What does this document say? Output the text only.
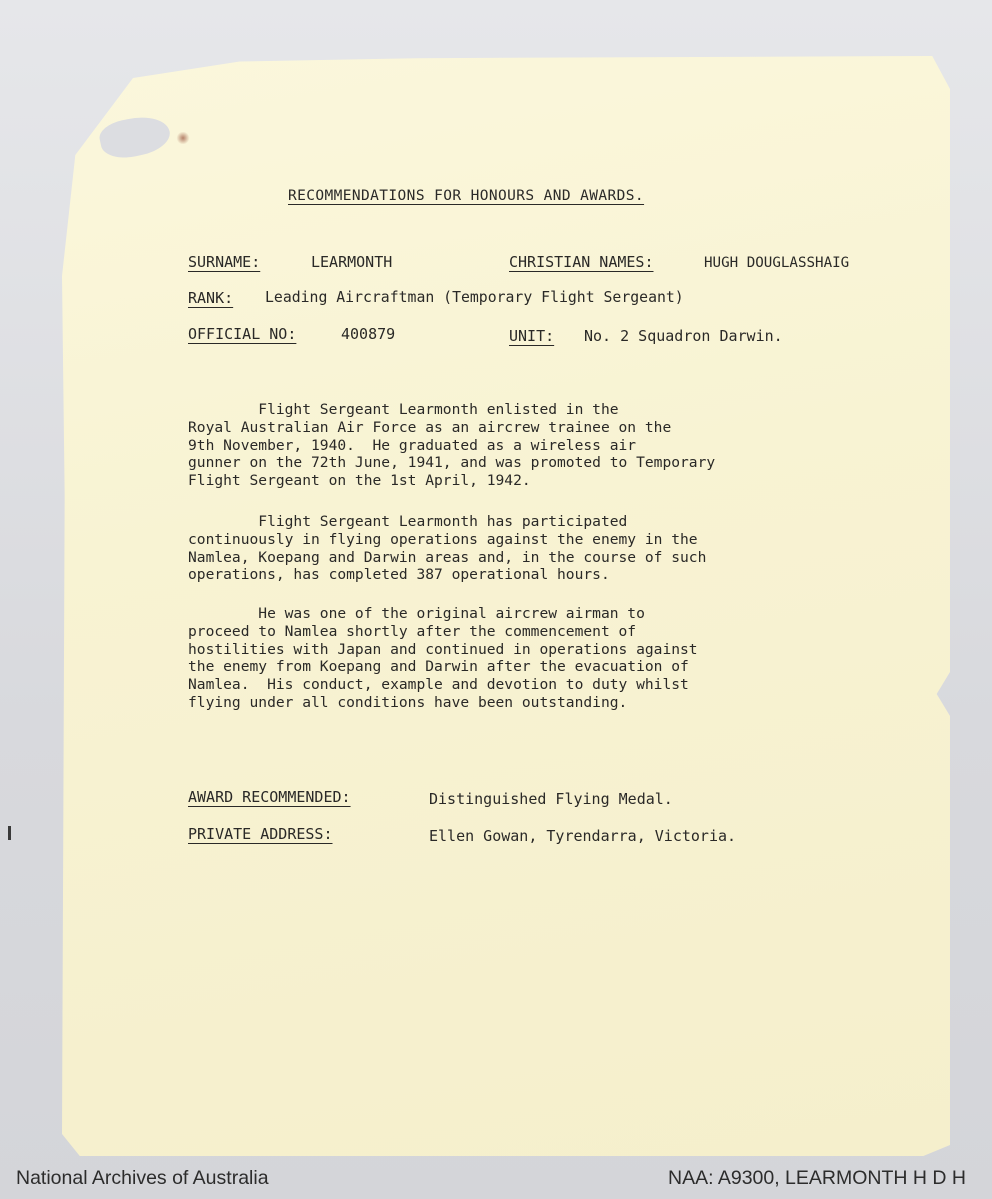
RECOMMENDATIONS FOR HONOURS AND AWARDS.
SURNAME:	LEARMONTH	CHRISTIAN NAMES:	HUGH DOUGLASSHAIG
RANK: Leading Aircraftman (Temporary Flight Sergeant)
OFFICIAL NO:	400879	UNIT: No. 2 Squadron Darwin.
Flight Sergeant Learmonth enlisted in the
Royal Australian Air Force as an aircrew trainee on the
9th November, 1940.  He graduated as a wireless air
gunner on the 72th June, 1941, and was promoted to Temporary
Flight Sergeant on the 1st April, 1942.
Flight Sergeant Learmonth has participated
continuously in flying operations against the enemy in the
Namlea, Koepang and Darwin areas and, in the course of such
operations, has completed 387 operational hours.
He was one of the original aircrew airman to
proceed to Namlea shortly after the commencement of
hostilities with Japan and continued in operations against
the enemy from Koepang and Darwin after the evacuation of
Namlea.  His conduct, example and devotion to duty whilst
flying under all conditions have been outstanding.
AWARD RECOMMENDED:	Distinguished Flying Medal.
PRIVATE ADDRESS:	Ellen Gowan, Tyrendarra, Victoria.
National Archives of Australia	NAA: A9300, LEARMONTH H D H
